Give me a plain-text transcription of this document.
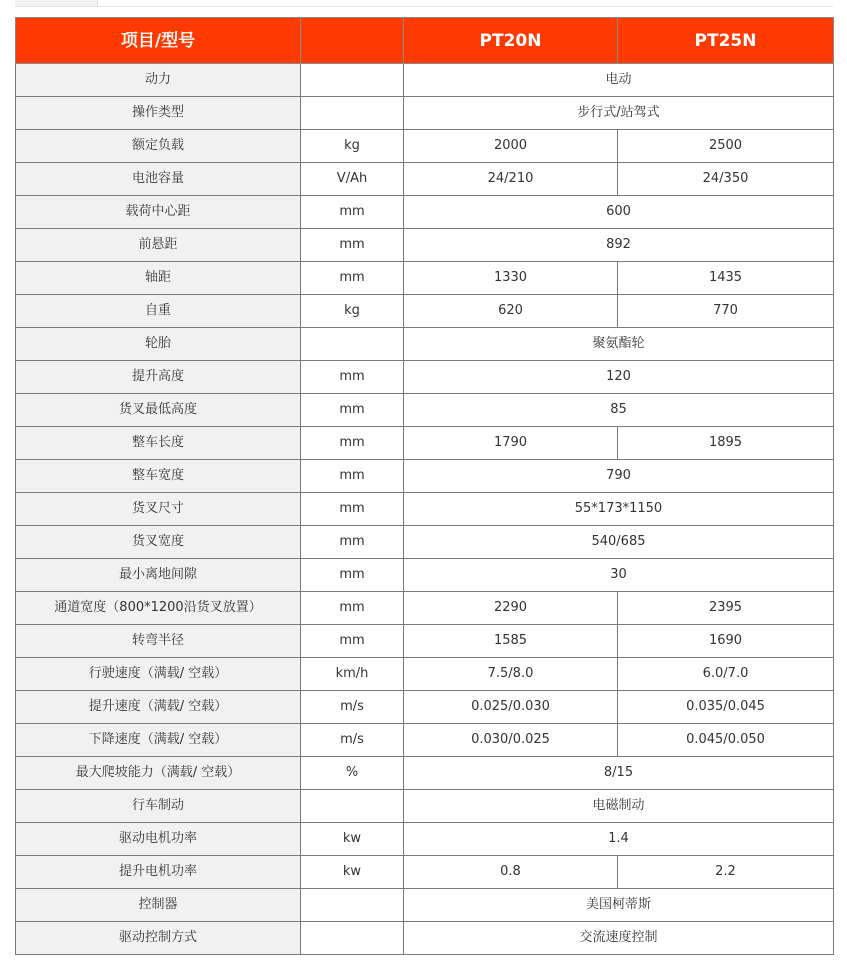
项目/型号		PT20N	PT25N
动力		电动	
操作类型		步行式/站驾式	
额定负载	kg	2000	2500
电池容量	V/Ah	24/210	24/350
载荷中心距	mm	600	
前悬距	mm	892	
轴距	mm	1330	1435
自重	kg	620	770
轮胎		聚氨酯轮	
提升高度	mm	120	
货叉最低高度	mm	85	
整车长度	mm	1790	1895
整车宽度	mm	790	
货叉尺寸	mm	55*173*1150	
货叉宽度	mm	540/685	
最小离地间隙	mm	30	
通道宽度（800*1200沿货叉放置）	mm	2290	2395
转弯半径	mm	1585	1690
行驶速度（满载/ 空载）	km/h	7.5/8.0	6.0/7.0
提升速度（满载/ 空载）	m/s	0.025/0.030	0.035/0.045
下降速度（满载/ 空载）	m/s	0.030/0.025	0.045/0.050
最大爬坡能力（满载/ 空载）	%	8/15	
行车制动		电磁制动	
驱动电机功率	kw	1.4	
提升电机功率	kw	0.8	2.2
控制器		美国柯蒂斯	
驱动控制方式		交流速度控制	
